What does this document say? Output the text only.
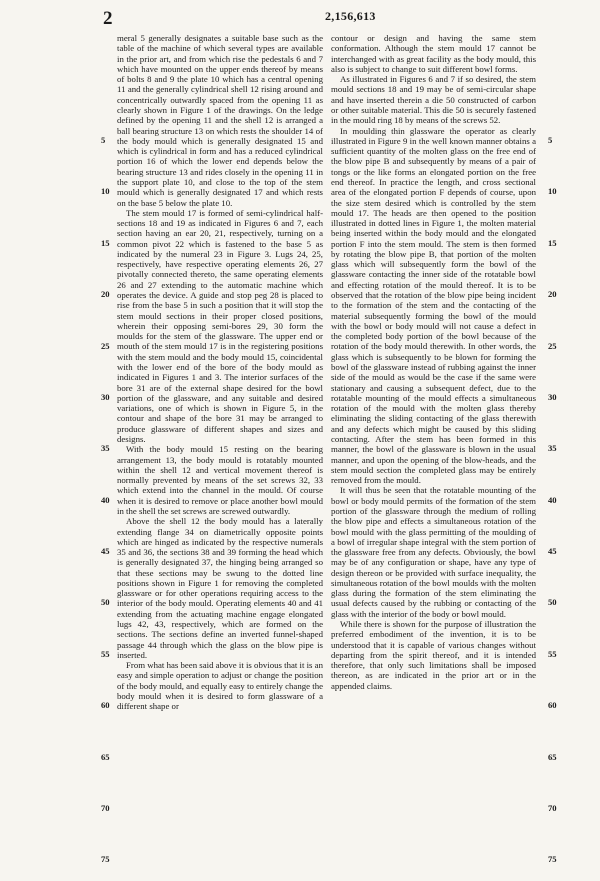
2	2,156,613

meral 5 generally designates a suitable base such as the table of the machine of which several types are available in the prior art, and from which rise the pedestals 6 and 7 which have mounted on the upper ends thereof by means of bolts 8 and 9 the plate 10 which has a central opening 11 and the generally cylindrical shell 12 rising around and concentrically outwardly spaced from the opening 11 as clearly shown in Figure 1 of the drawings. On the ledge defined by the opening 11 and the shell 12 is arranged a ball bearing structure 13 on which rests the shoulder 14 of the body mould which is generally designated 15 and which is cylindrical in form and has a reduced cylindrical portion 16 of which the lower end depends below the bearing structure 13 and rides closely in the opening 11 in the support plate 10, and close to the top of the stem mould which is generally designated 17 and which rests on the base 5 below the plate 10.

The stem mould 17 is formed of semi-cylindrical half-sections 18 and 19 as indicated in Figures 6 and 7, each section having an ear 20, 21, respectively, turning on a common pivot 22 which is fastened to the base 5 as indicated by the numeral 23 in Figure 3. Lugs 24, 25, respectively, have respective operating elements 26, 27 pivotally connected thereto, the same operating elements 26 and 27 extending to the automatic machine which operates the device. A guide and stop peg 28 is placed to rise from the base 5 in such a position that it will stop the stem mould sections in their proper closed positions, wherein their opposing semi-bores 29, 30 form the moulds for the stem of the glassware. The upper end or mouth of the stem mould 17 is in the registering positions with the stem mould and the body mould 15, coincidental with the lower end of the bore of the body mould as indicated in Figures 1 and 3. The interior surfaces of the bore 31 are of the external shape desired for the bowl portion of the glassware, and any suitable and desired variations, one of which is shown in Figure 5, in the contour and shape of the bore 31 may be arranged to produce glassware of different shapes and sizes and designs.

With the body mould 15 resting on the bearing arrangement 13, the body mould is rotatably mounted within the shell 12 and vertical movement thereof is normally prevented by means of the set screws 32, 33 which extend into the channel in the mould. Of course when it is desired to remove or place another bowl mould in the shell the set screws are screwed outwardly.

Above the shell 12 the body mould has a laterally extending flange 34 on diametrically opposite points which are hinged as indicated by the respective numerals 35 and 36, the sections 38 and 39 forming the head which is generally designated 37, the hinging being arranged so that these sections may be swung to the dotted line positions shown in Figure 1 for removing the completed glassware or for other operations requiring access to the interior of the body mould. Operating elements 40 and 41 extending from the actuating machine engage elongated lugs 42, 43, respectively, which are formed on the sections. The sections define an inverted funnel-shaped passage 44 through which the glass on the blow pipe is inserted.

From what has been said above it is obvious that it is an easy and simple operation to adjust or change the position of the body mould, and equally easy to entirely change the body mould when it is desired to form glassware of a different shape or

contour or design and having the same stem conformation. Although the stem mould 17 cannot be interchanged with as great facility as the body mould, this also is subject to change to suit different bowl forms.

As illustrated in Figures 6 and 7 if so desired, the stem mould sections 18 and 19 may be of semi-circular shape and have inserted therein a die 50 constructed of carbon or other suitable material. This die 50 is securely fastened in the mould ring 18 by means of the screws 52.

In moulding thin glassware the operator as clearly illustrated in Figure 9 in the well known manner obtains a sufficient quantity of the molten glass on the free end of the blow pipe B and subsequently by means of a pair of tongs or the like forms an elongated portion on the free end thereof. In practice the length, and cross sectional area of the elongated portion F depends of course, upon the size stem desired which is controlled by the stem mould 17. The heads are then opened to the position illustrated in dotted lines in Figure 1, the molten material being inserted within the body mould and the elongated portion F into the stem mould. The stem is then formed by rotating the blow pipe B, that portion of the molten glass which will subsequently form the bowl of the glassware contacting the inner side of the rotatable bowl and effecting rotation of the mould thereof. It is to be observed that the rotation of the blow pipe being incident to the formation of the stem and the contacting of the material subsequently forming the bowl of the mould with the bowl or body mould will not cause a defect in the completed body portion of the bowl because of the rotation of the body mould therewith. In other words, the glass which is subsequently to be blown for forming the bowl of the glassware instead of rubbing against the inner side of the mould as would be the case if the same were stationary and causing a subsequent defect, due to the rotatable mounting of the mould effects a simultaneous rotation of the mould with the molten glass thereby eliminating the sliding contacting of the glass therewith and any defects which might be caused by this sliding contacting. After the stem has been formed in this manner, the bowl of the glassware is blown in the usual manner, and upon the opening of the blow-heads, and the stem mould section the completed glass may be entirely removed from the mould.

It will thus be seen that the rotatable mounting of the bowl or body mould permits of the formation of the stem portion of the glassware through the medium of rolling the blow pipe and effects a simultaneous rotation of the bowl mould with the glass permitting of the moulding of a bowl of irregular shape integral with the stem portion of the glassware free from any defects. Obviously, the bowl may be of any configuration or shape, have any type of design thereon or be provided with surface inequality, the simultaneous rotation of the bowl moulds with the molten glass during the formation of the stem eliminating the usual defects caused by the rubbing or contacting of the glass with the interior of the body or bowl mould.

While there is shown for the purpose of illustration the preferred embodiment of the invention, it is to be understood that it is capable of various changes without departing from the spirit thereof, and it is intended therefore, that only such limitations shall be imposed thereon, as are indicated in the prior art or in the appended claims.

5
10
15
20
25
30
35
40
45
50
55
60
65
70
75
5
10
15
20
25
30
35
40
45
50
55
60
65
70
75
